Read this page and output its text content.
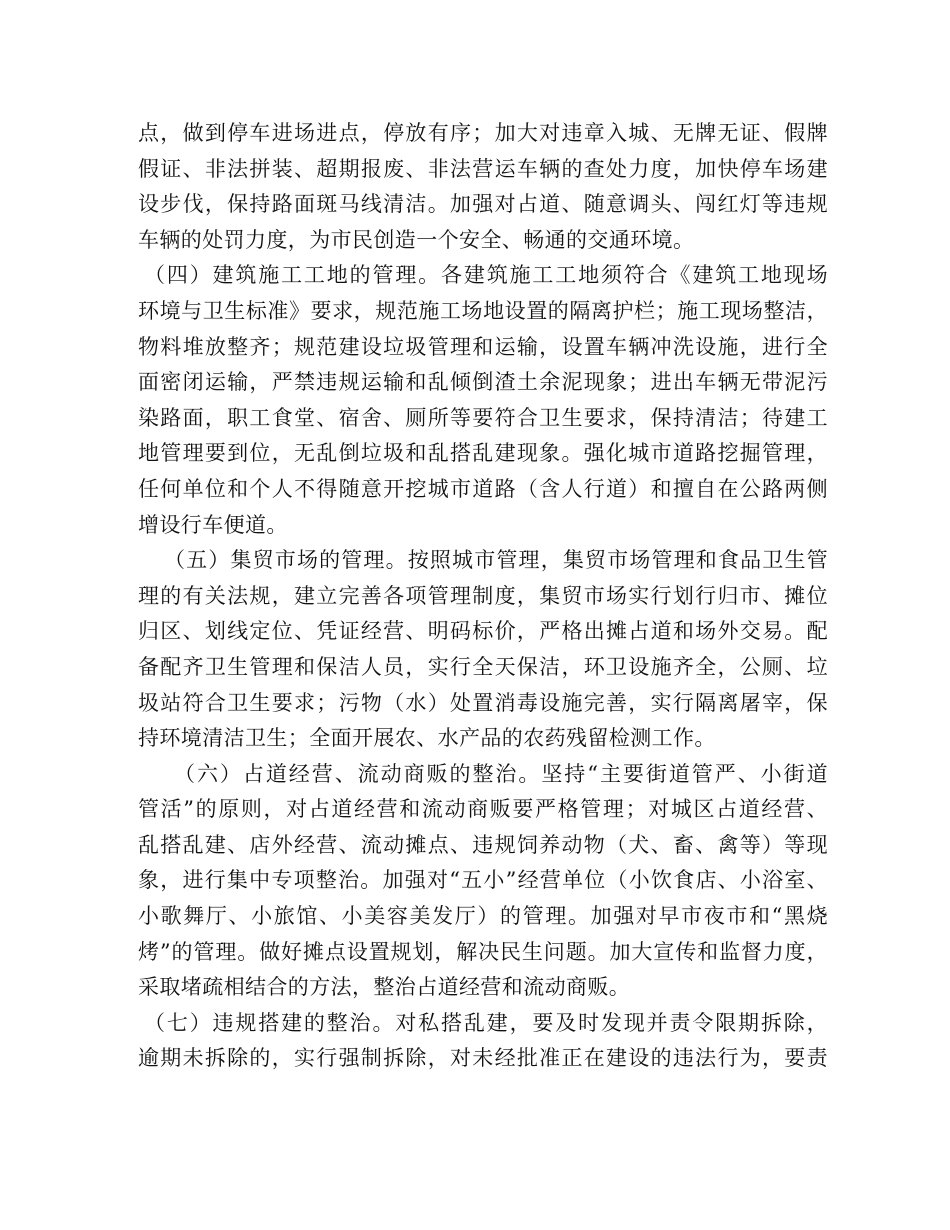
点，做到停车进场进点，停放有序；加大对违章入城、无牌无证、假牌
假证、非法拼装、超期报废、非法营运车辆的查处力度，加快停车场建
设步伐，保持路面斑马线清洁。加强对占道、随意调头、闯红灯等违规
车辆的处罚力度，为市民创造一个安全、畅通的交通环境。
（四）建筑施工工地的管理。各建筑施工工地须符合《建筑工地现场
环境与卫生标准》要求，规范施工场地设置的隔离护栏；施工现场整洁，
物料堆放整齐；规范建设垃圾管理和运输，设置车辆冲洗设施，进行全
面密闭运输，严禁违规运输和乱倾倒渣土余泥现象；进出车辆无带泥污
染路面，职工食堂、宿舍、厕所等要符合卫生要求，保持清洁；待建工
地管理要到位，无乱倒垃圾和乱搭乱建现象。强化城市道路挖掘管理，
任何单位和个人不得随意开挖城市道路（含人行道）和擅自在公路两侧
增设行车便道。
（五）集贸市场的管理。按照城市管理，集贸市场管理和食品卫生管
理的有关法规，建立完善各项管理制度，集贸市场实行划行归市、摊位
归区、划线定位、凭证经营、明码标价，严格出摊占道和场外交易。配
备配齐卫生管理和保洁人员，实行全天保洁，环卫设施齐全，公厕、垃
圾站符合卫生要求；污物（水）处置消毒设施完善，实行隔离屠宰，保
持环境清洁卫生；全面开展农、水产品的农药残留检测工作。
（六）占道经营、流动商贩的整治。坚持“主要街道管严、小街道
管活”的原则，对占道经营和流动商贩要严格管理；对城区占道经营、
乱搭乱建、店外经营、流动摊点、违规饲养动物（犬、畜、禽等）等现
象，进行集中专项整治。加强对“五小”经营单位（小饮食店、小浴室、
小歌舞厅、小旅馆、小美容美发厅）的管理。加强对早市夜市和“黑烧
烤”的管理。做好摊点设置规划，解决民生问题。加大宣传和监督力度，
采取堵疏相结合的方法，整治占道经营和流动商贩。
（七）违规搭建的整治。对私搭乱建，要及时发现并责令限期拆除，
逾期未拆除的，实行强制拆除，对未经批准正在建设的违法行为，要责
